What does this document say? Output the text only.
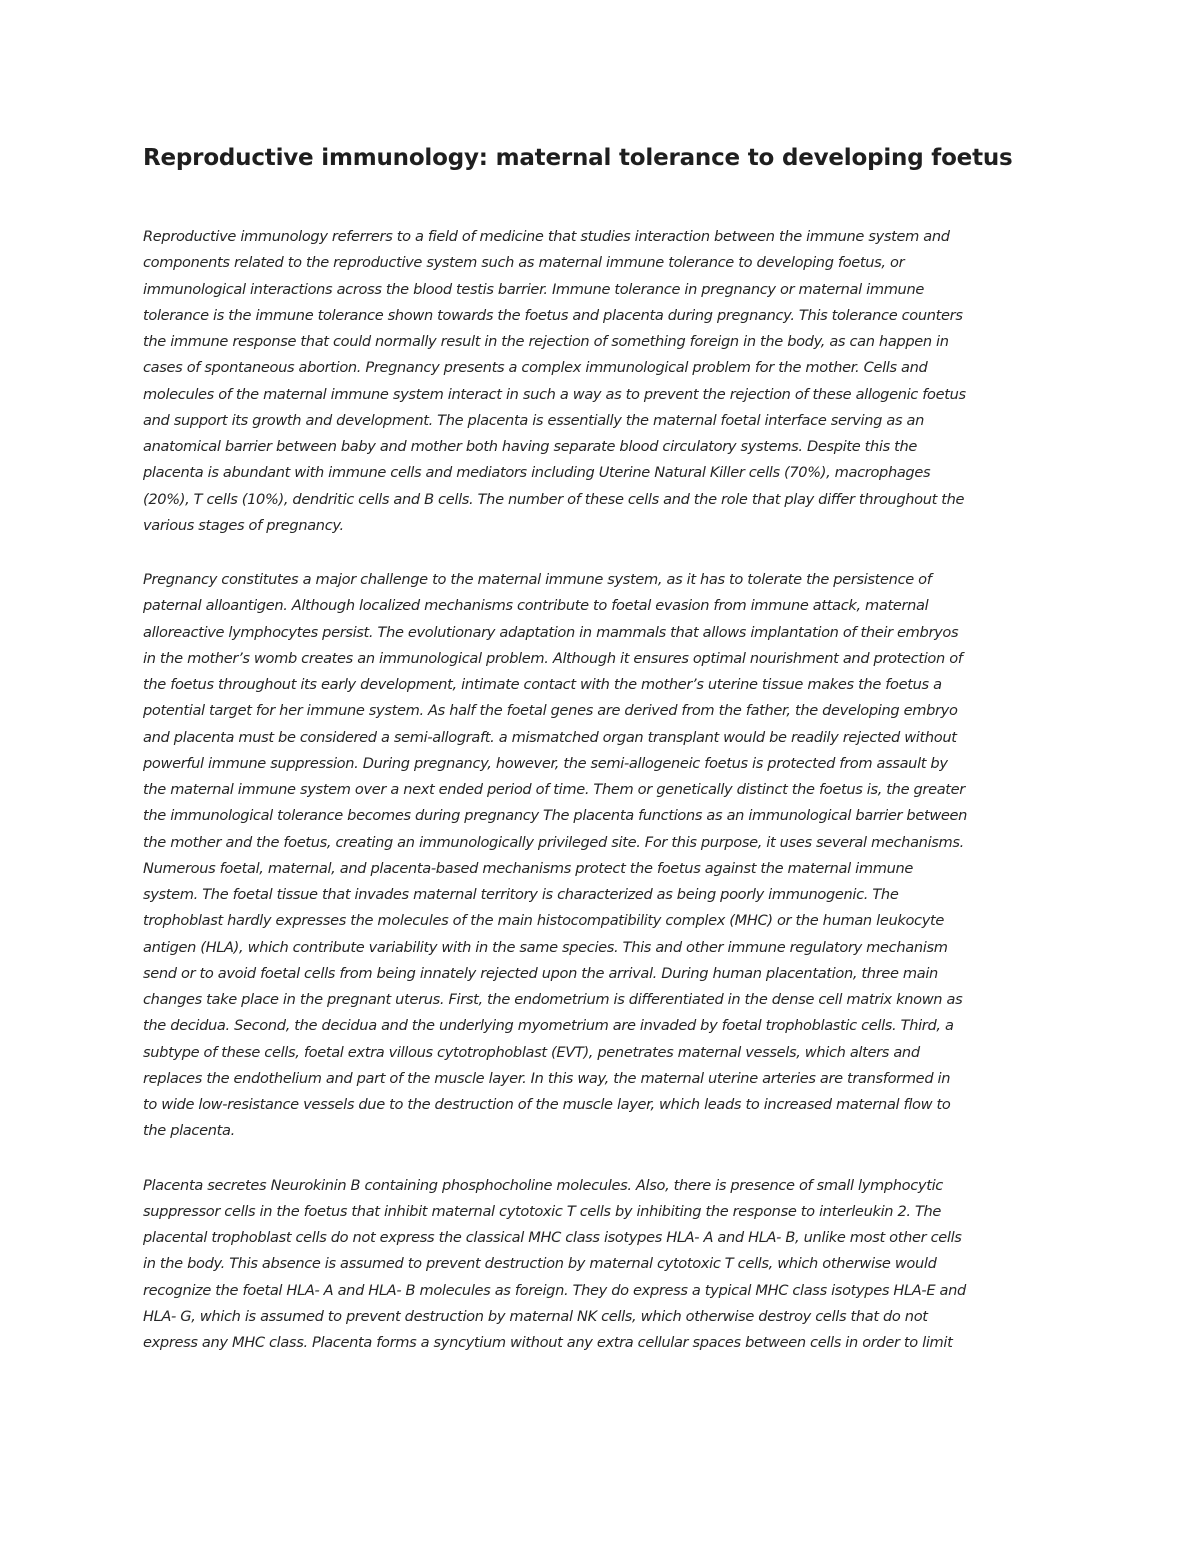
Reproductive immunology: maternal tolerance to developing foetus

Reproductive immunology referrers to a field of medicine that studies interaction between the immune system and
components related to the reproductive system such as maternal immune tolerance to developing foetus, or
immunological interactions across the blood testis barrier. Immune tolerance in pregnancy or maternal immune
tolerance is the immune tolerance shown towards the foetus and placenta during pregnancy. This tolerance counters
the immune response that could normally result in the rejection of something foreign in the body, as can happen in
cases of spontaneous abortion. Pregnancy presents a complex immunological problem for the mother. Cells and
molecules of the maternal immune system interact in such a way as to prevent the rejection of these allogenic foetus
and support its growth and development. The placenta is essentially the maternal foetal interface serving as an
anatomical barrier between baby and mother both having separate blood circulatory systems. Despite this the
placenta is abundant with immune cells and mediators including Uterine Natural Killer cells (70%), macrophages
(20%), T cells (10%), dendritic cells and B cells. The number of these cells and the role that play differ throughout the
various stages of pregnancy.

Pregnancy constitutes a major challenge to the maternal immune system, as it has to tolerate the persistence of
paternal alloantigen. Although localized mechanisms contribute to foetal evasion from immune attack, maternal
alloreactive lymphocytes persist. The evolutionary adaptation in mammals that allows implantation of their embryos
in the mother’s womb creates an immunological problem. Although it ensures optimal nourishment and protection of
the foetus throughout its early development, intimate contact with the mother’s uterine tissue makes the foetus a
potential target for her immune system. As half the foetal genes are derived from the father, the developing embryo
and placenta must be considered a semi-allograft. a mismatched organ transplant would be readily rejected without
powerful immune suppression. During pregnancy, however, the semi-allogeneic foetus is protected from assault by
the maternal immune system over a next ended period of time. Them or genetically distinct the foetus is, the greater
the immunological tolerance becomes during pregnancy The placenta functions as an immunological barrier between
the mother and the foetus, creating an immunologically privileged site. For this purpose, it uses several mechanisms.
Numerous foetal, maternal, and placenta-based mechanisms protect the foetus against the maternal immune
system. The foetal tissue that invades maternal territory is characterized as being poorly immunogenic. The
trophoblast hardly expresses the molecules of the main histocompatibility complex (MHC) or the human leukocyte
antigen (HLA), which contribute variability with in the same species. This and other immune regulatory mechanism
send or to avoid foetal cells from being innately rejected upon the arrival. During human placentation, three main
changes take place in the pregnant uterus. First, the endometrium is differentiated in the dense cell matrix known as
the decidua. Second, the decidua and the underlying myometrium are invaded by foetal trophoblastic cells. Third, a
subtype of these cells, foetal extra villous cytotrophoblast (EVT), penetrates maternal vessels, which alters and
replaces the endothelium and part of the muscle layer. In this way, the maternal uterine arteries are transformed in
to wide low-resistance vessels due to the destruction of the muscle layer, which leads to increased maternal flow to
the placenta.

Placenta secretes Neurokinin B containing phosphocholine molecules. Also, there is presence of small lymphocytic
suppressor cells in the foetus that inhibit maternal cytotoxic T cells by inhibiting the response to interleukin 2. The
placental trophoblast cells do not express the classical MHC class isotypes HLA- A and HLA- B, unlike most other cells
in the body. This absence is assumed to prevent destruction by maternal cytotoxic T cells, which otherwise would
recognize the foetal HLA- A and HLA- B molecules as foreign. They do express a typical MHC class isotypes HLA-E and
HLA- G, which is assumed to prevent destruction by maternal NK cells, which otherwise destroy cells that do not
express any MHC class. Placenta forms a syncytium without any extra cellular spaces between cells in order to limit
